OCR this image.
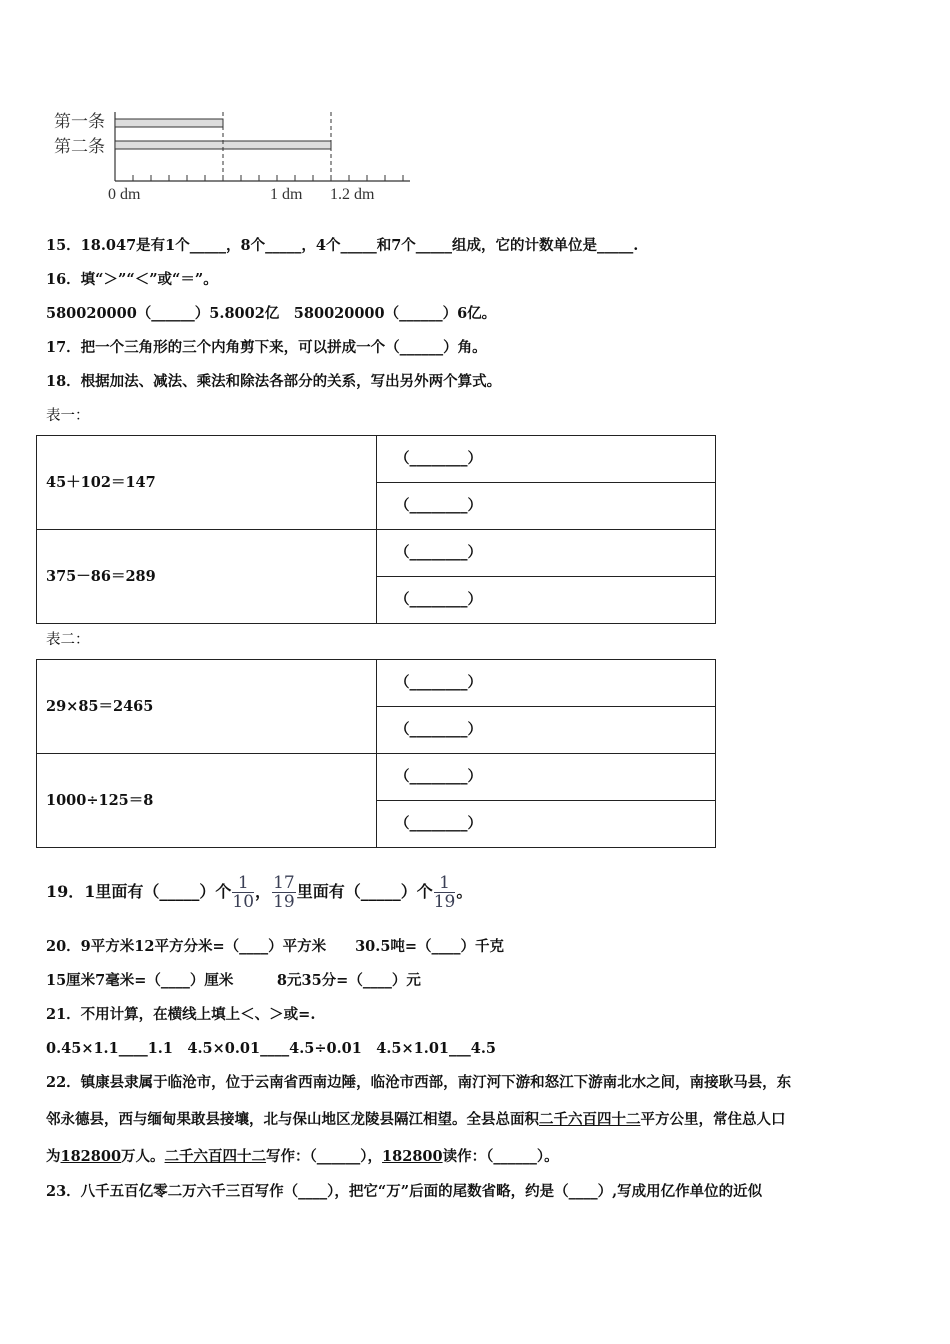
第一条
第二条
0 dm	1 dm 1.2 dm
15．18.047是有1个_____，8个_____，4个_____和7个_____组成，它的计数单位是_____.
16．填“＞”“＜”或“＝”。
580020000（______）5.8002亿　580020000（______）6亿。
17．把一个三角形的三个内角剪下来，可以拼成一个（______）角。
18．根据加法、减法、乘法和除法各部分的关系，写出另外两个算式。
表一：
45＋102＝147	（________）
	（________）
375－86＝289	（________）
	（________）
表二：
29×85＝2465	（________）
	（________）
1000÷125＝8	（________）
	（________）
19．1里面有（_____）个 $\frac{1}{10}$ ， $\frac{17}{19}$ 里面有（_____）个 $\frac{1}{19}$ 。
20．9平方米12平方分米=（____）平方米　　30.5吨=（____）千克
15厘米7毫米=（____）厘米　　　8元35分=（____）元
21．不用计算，在横线上填上＜、＞或=.
0.45×1.1____1.1　4.5×0.01____4.5÷0.01　4.5×1.01___4.5
22．镇康县隶属于临沧市，位于云南省西南边陲，临沧市西部，南汀河下游和怒江下游南北水之间，南接耿马县，东
邻永德县，西与缅甸果敢县接壤，北与保山地区龙陵县隔江相望。全县总面积二千六百四十二平方公里，常住总人口
为182800万人。二千六百四十二写作：（______），182800读作：（______）。
23．八千五百亿零二万六千三百写作（____），把它“万”后面的尾数省略，约是（____）,写成用亿作单位的近似
